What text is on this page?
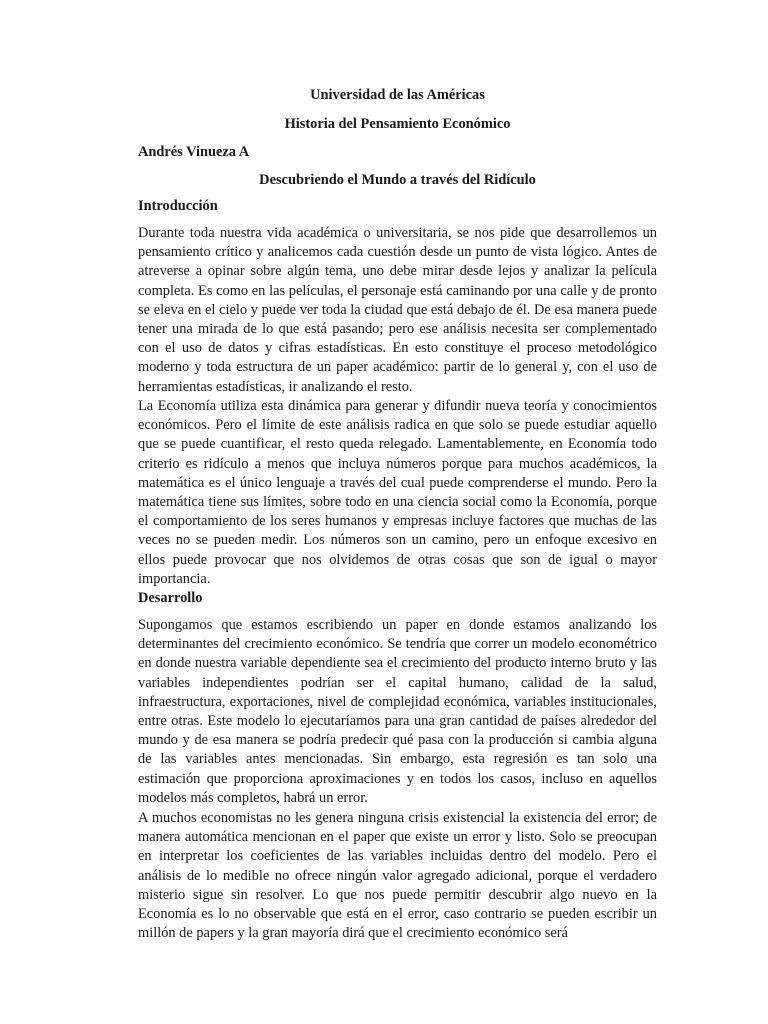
Universidad de las Américas

Historia del Pensamiento Económico

Andrés Vinueza A

Descubriendo el Mundo a través del Ridículo

Introducción

Durante toda nuestra vida académica o universitaria, se nos pide que desarrollemos un pensamiento crítico y analicemos cada cuestión desde un punto de vista lógico. Antes de atreverse a opinar sobre algún tema, uno debe mirar desde lejos y analizar la película completa. Es como en las películas, el personaje está caminando por una calle y de pronto se eleva en el cielo y puede ver toda la ciudad que está debajo de él. De esa manera puede tener una mirada de lo que está pasando; pero ese análisis necesita ser complementado con el uso de datos y cifras estadísticas. En esto constituye el proceso metodológico moderno y toda estructura de un paper académico: partir de lo general y, con el uso de herramientas estadísticas, ir analizando el resto.

La Economía utiliza esta dinámica para generar y difundir nueva teoría y conocimientos económicos. Pero el límite de este análisis radica en que solo se puede estudiar aquello que se puede cuantificar, el resto queda relegado. Lamentablemente, en Economía todo criterio es ridículo a menos que incluya números porque para muchos académicos, la matemática es el único lenguaje a través del cual puede comprenderse el mundo. Pero la matemática tiene sus límites, sobre todo en una ciencia social como la Economía, porque el comportamiento de los seres humanos y empresas incluye factores que muchas de las veces no se pueden medir. Los números son un camino, pero un enfoque excesivo en ellos puede provocar que nos olvidemos de otras cosas que son de igual o mayor importancia.

Desarrollo

Supongamos que estamos escribiendo un paper en donde estamos analizando los determinantes del crecimiento económico. Se tendría que correr un modelo econométrico en donde nuestra variable dependiente sea el crecimiento del producto interno bruto y las variables independientes podrían ser el capital humano, calidad de la salud, infraestructura, exportaciones, nivel de complejidad económica, variables institucionales, entre otras. Este modelo lo ejecutaríamos para una gran cantidad de países alrededor del mundo y de esa manera se podría predecir qué pasa con la producción si cambia alguna de las variables antes mencionadas. Sin embargo, esta regresión es tan solo una estimación que proporciona aproximaciones y en todos los casos, incluso en aquellos modelos más completos, habrá un error.

A muchos economistas no les genera ninguna crisis existencial la existencia del error; de manera automática mencionan en el paper que existe un error y listo. Solo se preocupan en interpretar los coeficientes de las variables incluidas dentro del modelo. Pero el análisis de lo medible no ofrece ningún valor agregado adicional, porque el verdadero misterio sigue sin resolver. Lo que nos puede permitir descubrir algo nuevo en la Economía es lo no observable que está en el error, caso contrario se pueden escribir un millón de papers y la gran mayoría dirá que el crecimiento económico será
